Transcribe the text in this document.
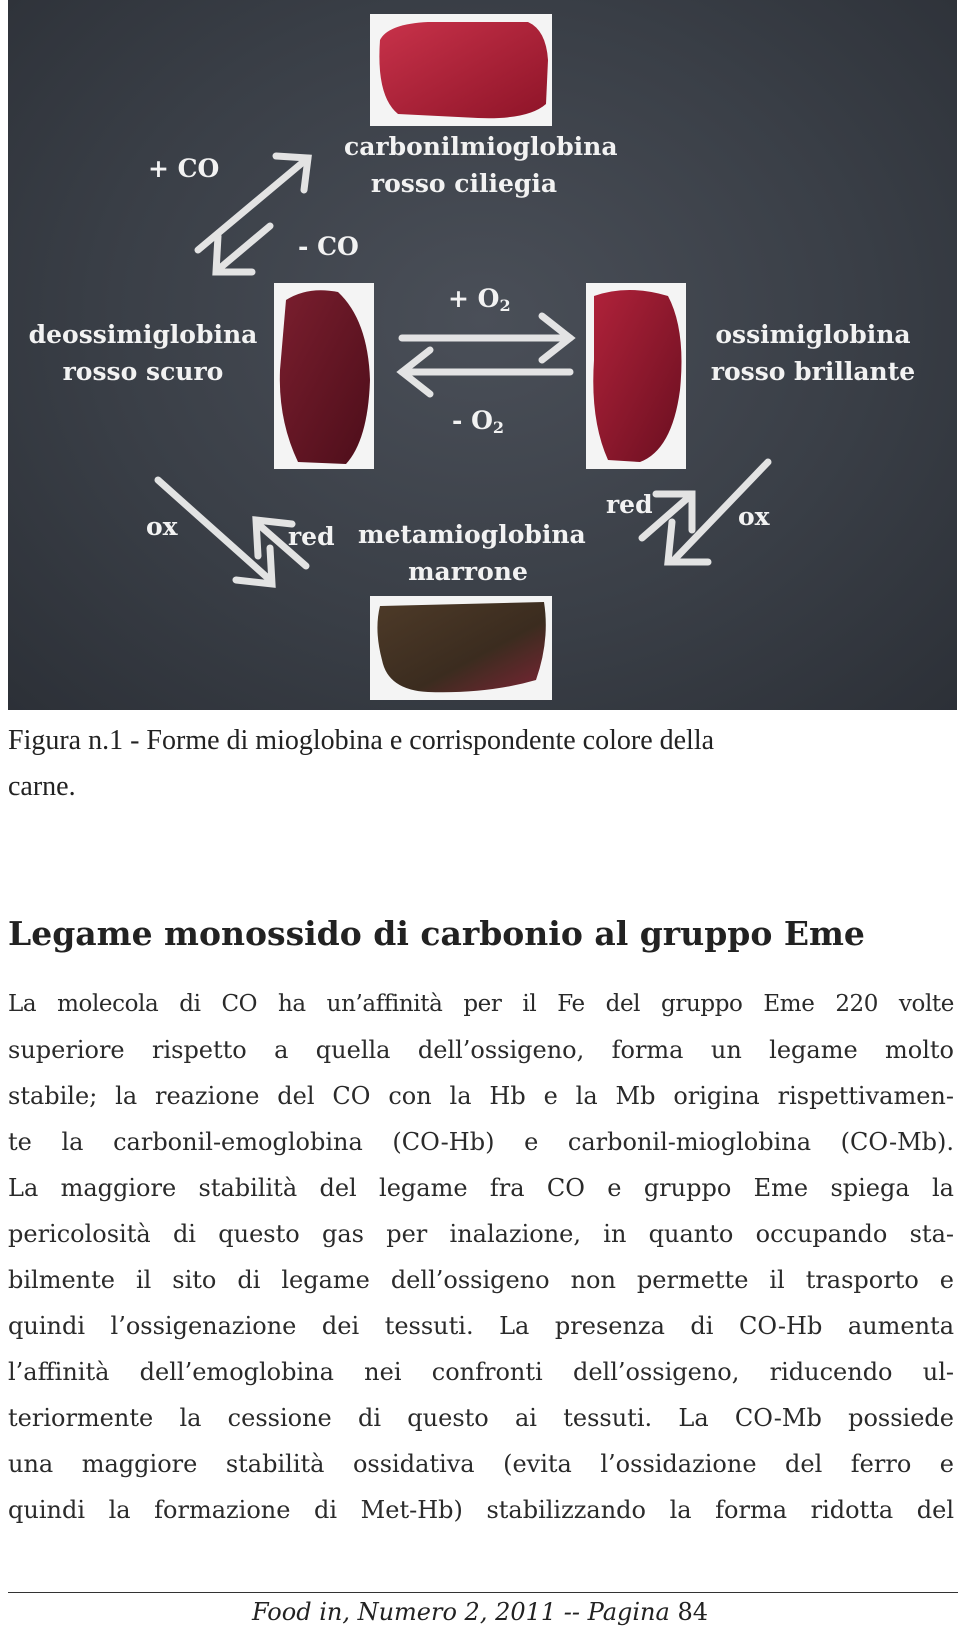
carbonilmioglobina
rosso ciliegia
deossimiglobina
rosso scuro
ossimiglobina
rosso brillante
metamioglobina
marrone
+ CO
- CO
+ $O_2$
- $O_2$
ox	red
red	ox
Figura n.1 - Forme di mioglobina e corrispondente colore della
carne.
Legame monossido di carbonio al gruppo Eme
La molecola di CO ha un’affinità per il Fe del gruppo Eme 220 volte
superiore rispetto a quella dell’ossigeno, forma un legame molto
stabile; la reazione del CO con la Hb e la Mb origina rispettivamen-
te la carbonil-emoglobina (CO-Hb) e carbonil-mioglobina (CO-Mb).
La maggiore stabilità del legame fra CO e gruppo Eme spiega la
pericolosità di questo gas per inalazione, in quanto occupando sta-
bilmente il sito di legame dell’ossigeno non permette il trasporto e
quindi l’ossigenazione dei tessuti. La presenza di CO-Hb aumenta
l’affinità dell’emoglobina nei confronti dell’ossigeno, riducendo ul-
teriormente la cessione di questo ai tessuti. La CO-Mb possiede
una maggiore stabilità ossidativa (evita l’ossidazione del ferro e
quindi la formazione di Met-Hb) stabilizzando la forma ridotta del
Food in, Numero 2, 2011 -- Pagina 84
